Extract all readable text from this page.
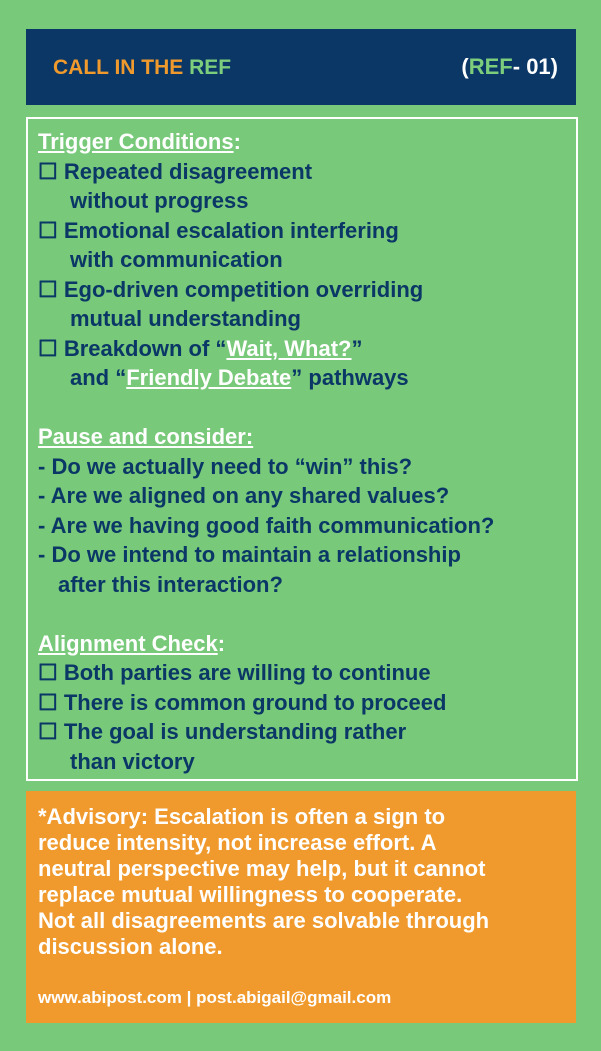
CALL IN THE REF	(REF- 01)
Trigger Conditions:
☐ Repeated disagreement
without progress
☐ Emotional escalation interfering
with communication
☐ Ego-driven competition overriding
mutual understanding
☐ Breakdown of “Wait, What?”
and “Friendly Debate” pathways
Pause and consider:
- Do we actually need to “win” this?
- Are we aligned on any shared values?
- Are we having good faith communication?
- Do we intend to maintain a relationship
after this interaction?
Alignment Check:
☐ Both parties are willing to continue
☐ There is common ground to proceed
☐ The goal is understanding rather
than victory
*Advisory: Escalation is often a sign to
reduce intensity, not increase effort. A
neutral perspective may help, but it cannot
replace mutual willingness to cooperate.
Not all disagreements are solvable through
discussion alone.
www.abipost.com | post.abigail@gmail.com
